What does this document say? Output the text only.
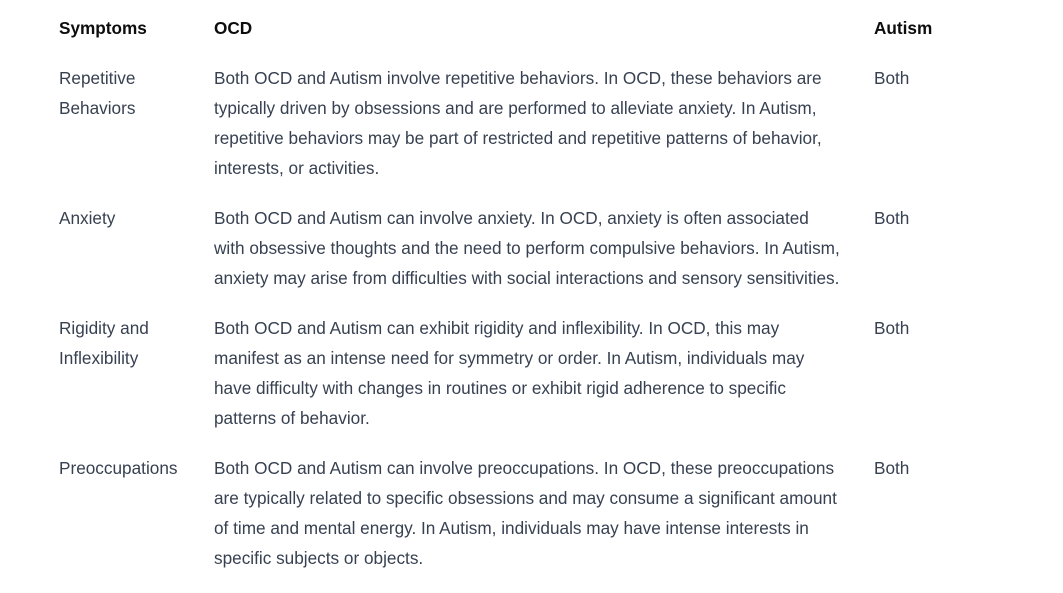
Symptoms	OCD	Autism
Repetitive Behaviors	Both OCD and Autism involve repetitive behaviors. In OCD, these behaviors are typically driven by obsessions and are performed to alleviate anxiety. In Autism, repetitive behaviors may be part of restricted and repetitive patterns of behavior, interests, or activities.	Both
Anxiety	Both OCD and Autism can involve anxiety. In OCD, anxiety is often associated with obsessive thoughts and the need to perform compulsive behaviors. In Autism, anxiety may arise from difficulties with social interactions and sensory sensitivities.	Both
Rigidity and Inflexibility	Both OCD and Autism can exhibit rigidity and inflexibility. In OCD, this may manifest as an intense need for symmetry or order. In Autism, individuals may have difficulty with changes in routines or exhibit rigid adherence to specific patterns of behavior.	Both
Preoccupations	Both OCD and Autism can involve preoccupations. In OCD, these preoccupations are typically related to specific obsessions and may consume a significant amount of time and mental energy. In Autism, individuals may have intense interests in specific subjects or objects.	Both
